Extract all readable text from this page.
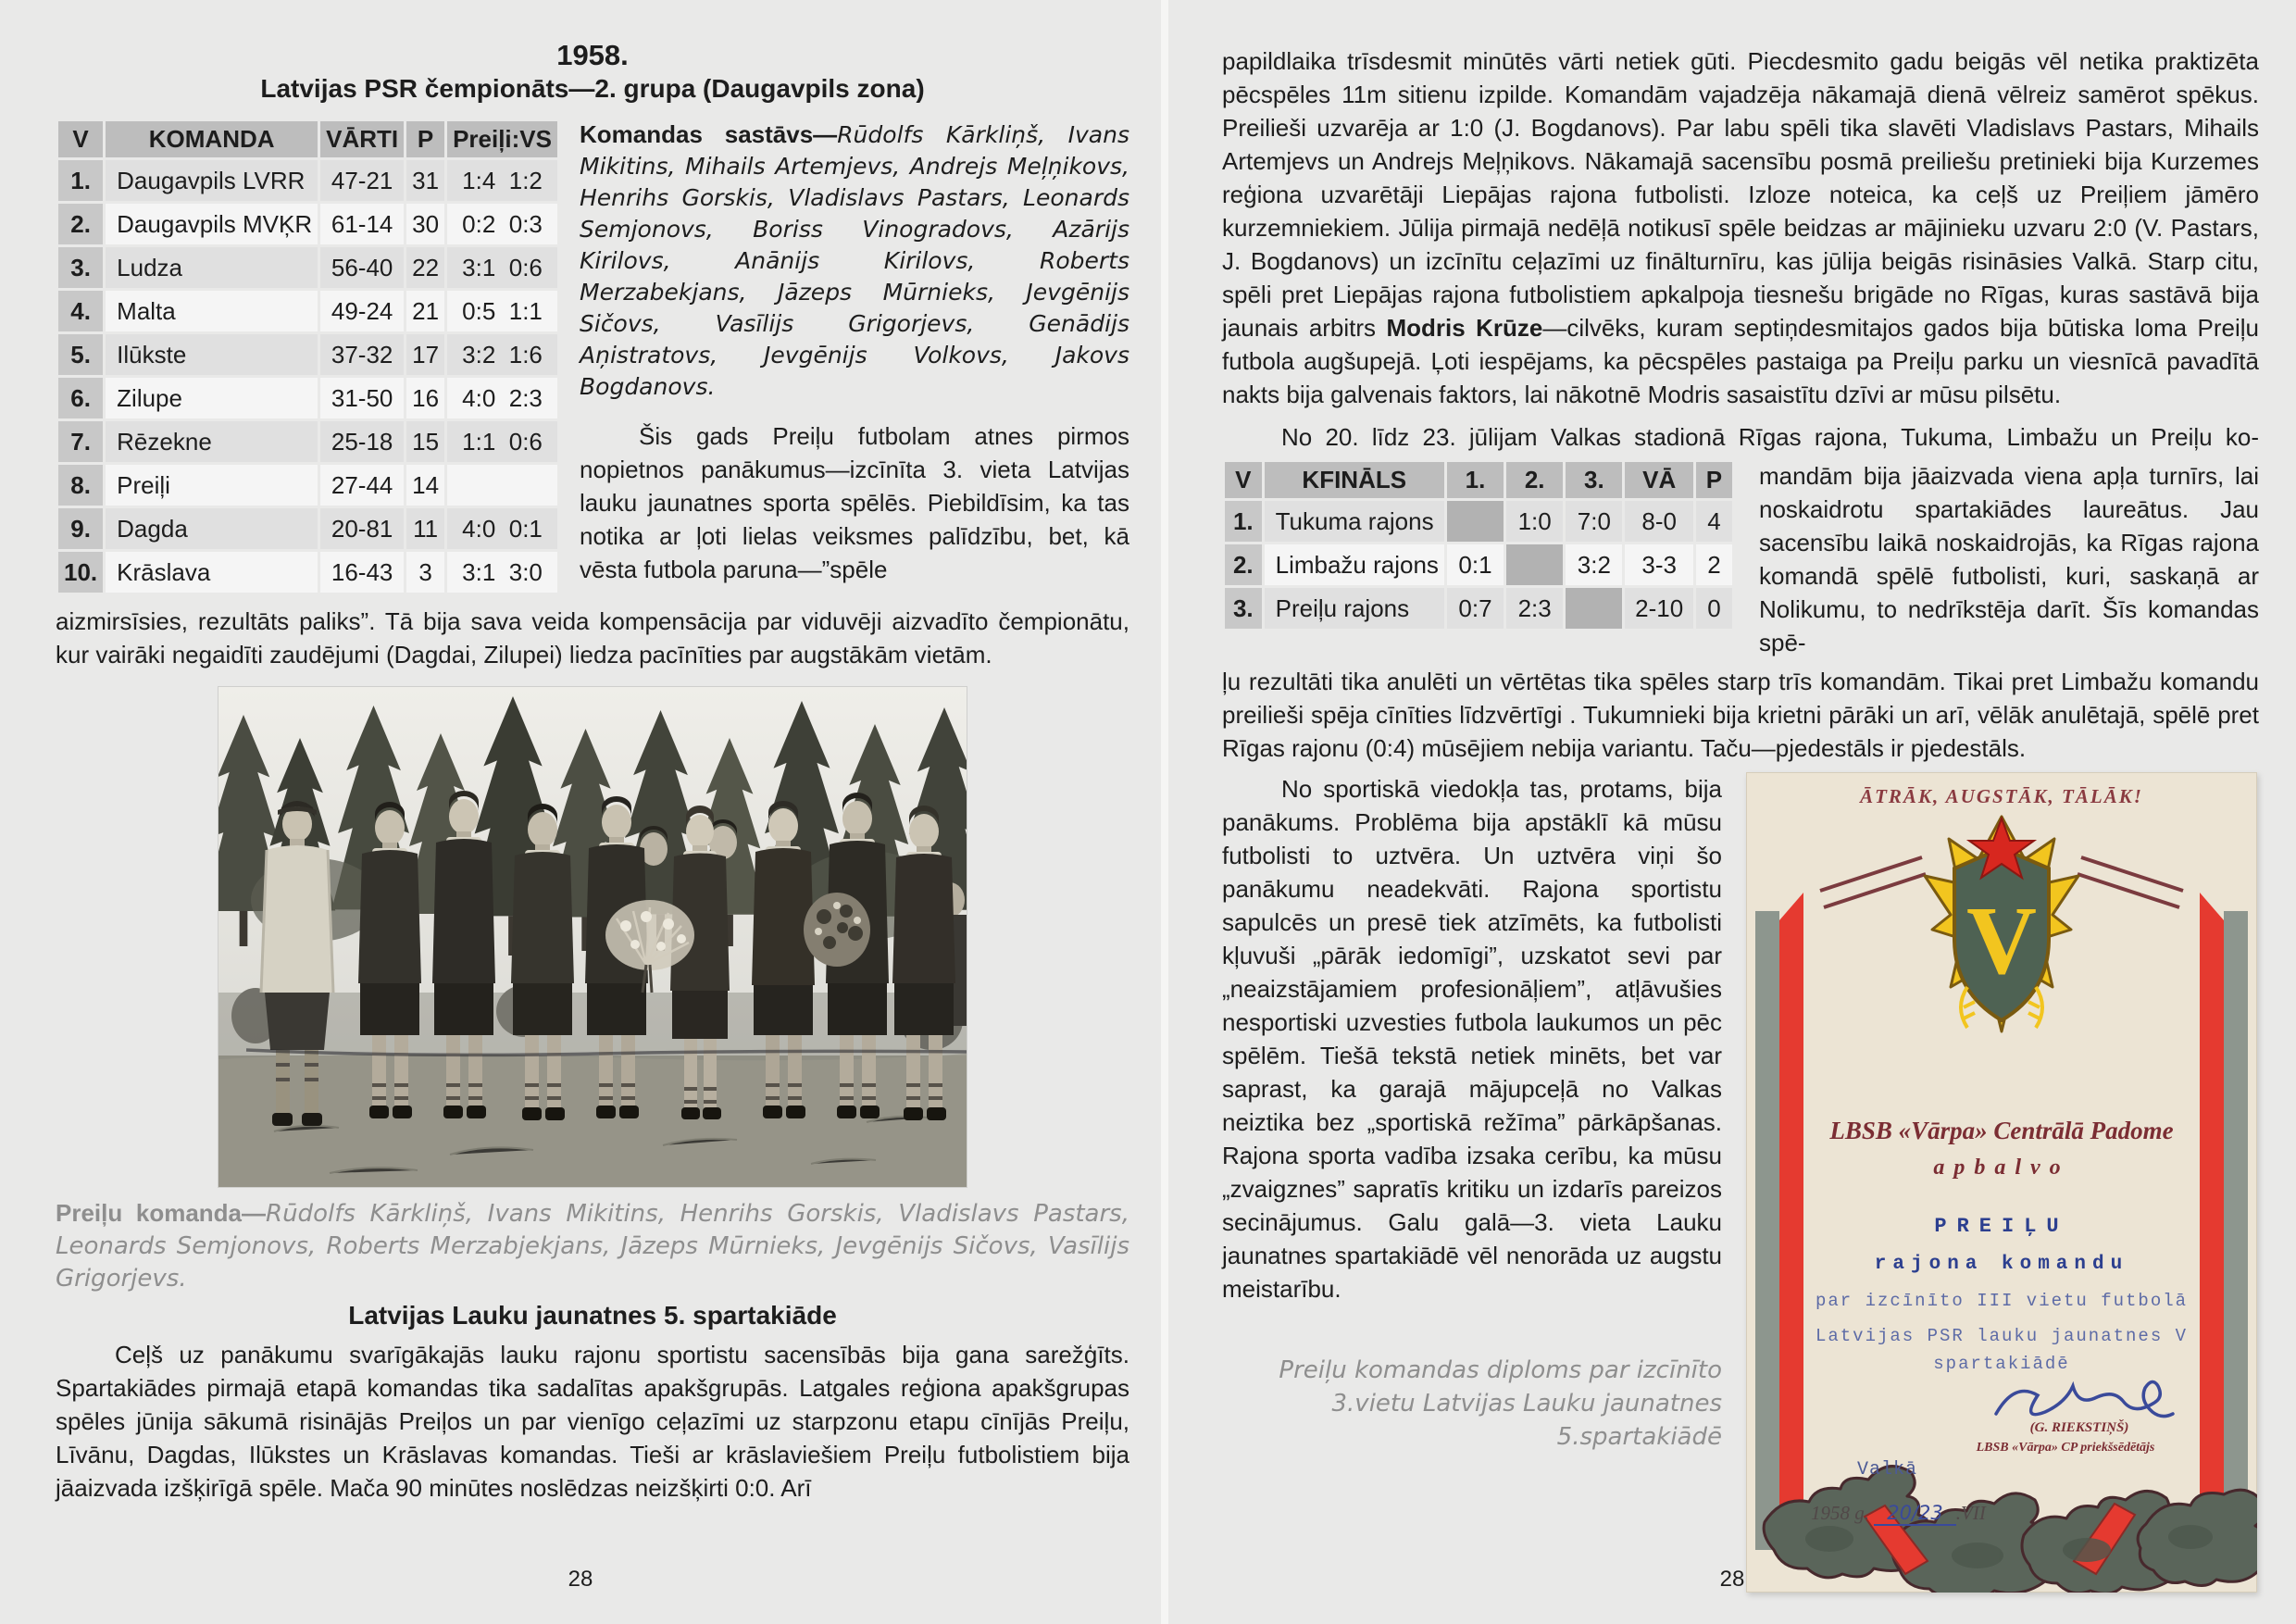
1958.
Latvijas PSR čempionāts—2. grupa (Daugavpils zona)
V	KOMANDA	VĀRTI	P	Preiļi:VS
1.	Daugavpils LVRR	47-21	31	1:4  1:2
2.	Daugavpils MVĶR	61-14	30	0:2  0:3
3.	Ludza	56-40	22	3:1  0:6
4.	Malta	49-24	21	0:5  1:1
5.	Ilūkste	37-32	17	3:2  1:6
6.	Zilupe	31-50	16	4:0  2:3
7.	Rēzekne	25-18	15	1:1  0:6
8.	Preiļi	27-44	14	
9.	Dagda	20-81	11	4:0  0:1
10.	Krāslava	16-43	3	3:1  3:0

Komandas sastāvs—Rūdolfs Kārkliņš, Ivans Mikitins, Mihails Artemjevs, Andrejs Meļņikovs, Henrihs Gorskis, Vladislavs Pastars, Leonards Semjonovs, Boriss Vinogradovs, Azārijs Kirilovs, Anānijs Kirilovs, Roberts Merzabekjans, Jāzeps Mūrnieks, Jevgēnijs Sičovs, Vasīlijs Grigorjevs, Genādijs Aņistratovs, Jevgēnijs Volkovs, Jakovs Bogdanovs.

Šis gads Preiļu futbolam atnes pirmos nopietnos panākumus—izcīnīta 3. vieta Latvijas lauku jaunatnes sporta spēlēs. Piebildīsim, ka tas notika ar ļoti lielas veiksmes palīdzību, bet, kā vēsta futbola paruna—”spēle

aizmirsīsies, rezultāts paliks”. Tā bija sava veida kompensācija par viduvēji aizvadīto čempionātu, kur vairāki negaidīti zaudējumi (Dagdai, Zilupei) liedza pacīnīties par augstākām vietām.

Preiļu komanda—Rūdolfs Kārkliņš, Ivans Mikitins, Henrihs Gorskis, Vladislavs Pastars, Leonards Semjonovs, Roberts Merzabjekjans, Jāzeps Mūrnieks, Jevgēnijs Sičovs, Vasīlijs Grigorjevs.

Latvijas Lauku jaunatnes 5. spartakiāde

Ceļš uz panākumu svarīgākajās lauku rajonu sportistu sacensībās bija gana sarežģīts. Spartakiādes pirmajā etapā komandas tika sadalītas apakšgrupās. Latgales reģiona apakšgrupas spēles jūnija sākumā risinājās Preiļos un par vienīgo ceļazīmi uz starpzonu etapu cīnījās Preiļu, Līvānu, Dagdas, Ilūkstes un Krāslavas komandas. Tieši ar krāslaviešiem Preiļu futbolistiem bija jāaizvada izšķirīgā spēle. Mača 90 minūtes noslēdzas neizšķirti 0:0. Arī

28

papildlaika trīsdesmit minūtēs vārti netiek gūti. Piecdesmito gadu beigās vēl netika praktizēta pēcspēles 11m sitienu izpilde. Komandām vajadzēja nākamajā dienā vēlreiz samērot spēkus. Preilieši uzvarēja ar 1:0 (J. Bogdanovs). Par labu spēli tika slavēti Vladislavs Pastars, Mihails Artemjevs un Andrejs Meļņikovs. Nākamajā sacensību posmā preiliešu pretinieki bija Kurzemes reģiona uzvarētāji Liepājas rajona futbolisti. Izloze noteica, ka ceļš uz Preiļiem jāmēro kurzemniekiem. Jūlija pirmajā nedēļā notikusī spēle beidzas ar mājinieku uzvaru 2:0 (V. Pastars, J. Bogdanovs) un izcīnītu ceļazīmi uz finālturnīru, kas jūlija beigās risināsies Valkā. Starp citu, spēli pret Liepājas rajona futbolistiem apkalpoja tiesnešu brigāde no Rīgas, kuras sastāvā bija jaunais arbitrs Modris Krūze—cilvēks, kuram septiņdesmitajos gados bija būtiska loma Preiļu futbola augšupejā. Ļoti iespējams, ka pēcspēles pastaiga pa Preiļu parku un viesnīcā pavadītā nakts bija galvenais faktors, lai nākotnē Modris sasaistītu dzīvi ar mūsu pilsētu.

No 20. līdz 23. jūlijam Valkas stadionā Rīgas rajona, Tukuma, Limbažu un Preiļu ko-

V	KFINĀLS	1.	2.	3.	VĀ	P
1.	Tukuma rajons		1:0	7:0	8-0	4
2.	Limbažu rajons	0:1		3:2	3-3	2
3.	Preiļu rajons	0:7	2:3		2-10	0
mandām bija jāaizvada viena apļa turnīrs, lai noskaidrotu spartakiādes laureātus. Jau sacensību laikā noskaidrojās, ka Rīgas rajona komandā spēlē futbolisti, kuri, saskaņā ar Nolikumu, to nedrīkstēja darīt. Šīs komandas spē-

ļu rezultāti tika anulēti un vērtētas tika spēles starp trīs komandām. Tikai pret Limbažu komandu preilieši spēja cīnīties līdzvērtīgi . Tukumnieki bija krietni pārāki un arī, vēlāk anulētajā, spēlē pret Rīgas rajonu (0:4) mūsējiem nebija variantu. Taču—pjedestāls ir pjedestāls.

No sportiskā viedokļa tas, protams, bija panākums. Problēma bija apstāklī kā mūsu futbolisti to uztvēra. Un uztvēra viņi šo panākumu neadekvāti. Rajona sportistu sapulcēs un presē tiek atzīmēts, ka futbolisti kļuvuši „pārāk iedomīgi”, uzskatot sevi par „neaizstājamiem profesionāļiem”, atļāvušies nesportiski uzvesties futbola laukumos un pēc spēlēm. Tiešā tekstā netiek minēts, bet var saprast, ka garajā mājupceļā no Valkas neiztika bez „sportiskā režīma” pārkāpšanas. Rajona sporta vadība izsaka cerību, ka mūsu „zvaigznes” sapratīs kritiku un izdarīs pareizos secinājumus. Galu galā—3. vieta Lauku jaunatnes spartakiādē vēl nenorāda uz augstu meistarību.

Preiļu komandas diploms par izcīnīto 3.vietu Latvijas Lauku jaunatnes 5.spartakiādē

ĀTRĀK, AUGSTĀK, TĀLĀK!
V
LBSB «Vārpa» Centrālā Padome
apbalvo
PREIĻU
rajona komandu
par izcīnīto III vietu futbolā
Latvijas PSR lauku jaunatnes V
spartakiādē
(G. RIEKSTIŅŠ)
LBSB «Vārpa» CP priekšsēdētājs
Valkā
1958 g. 20/23 .VII
28
